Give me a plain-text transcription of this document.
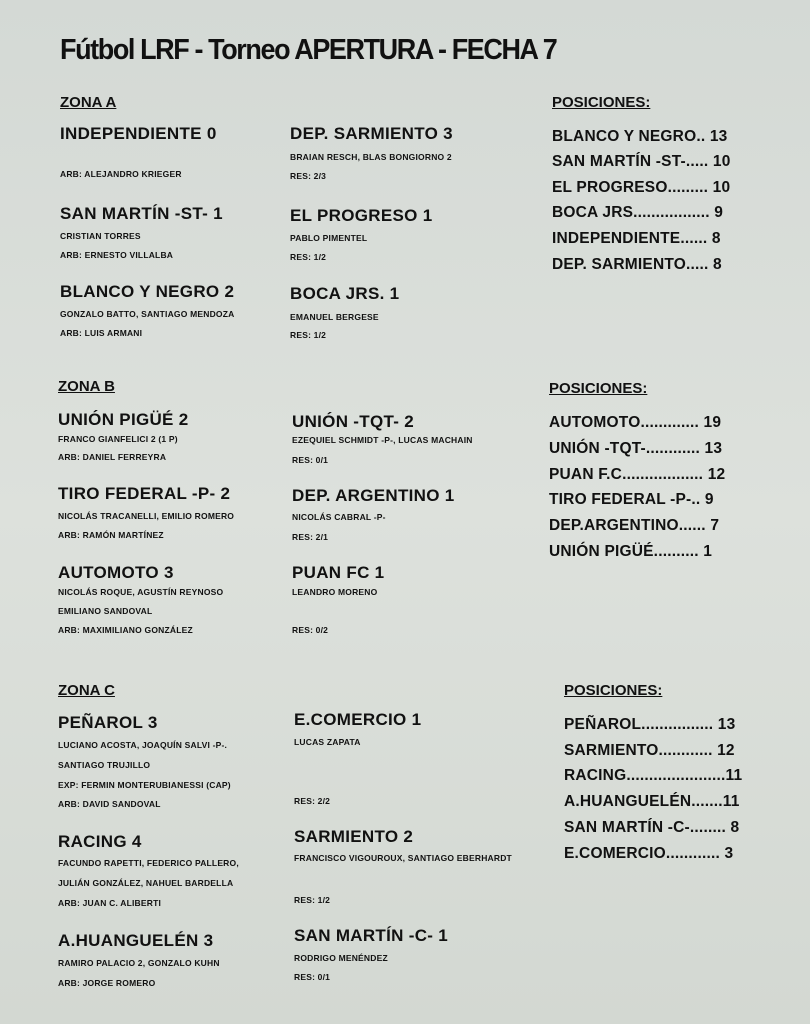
Fútbol LRF - Torneo APERTURA - FECHA 7
ZONA A
INDEPENDIENTE 0
ARB: ALEJANDRO KRIEGER
DEP. SARMIENTO 3
BRAIAN RESCH, BLAS BONGIORNO 2
RES: 2/3
SAN MARTÍN -ST- 1
CRISTIAN TORRES
ARB: ERNESTO VILLALBA
EL PROGRESO 1
PABLO PIMENTEL
RES: 1/2
BLANCO Y NEGRO 2
GONZALO BATTO, SANTIAGO MENDOZA
ARB: LUIS ARMANI
BOCA JRS. 1
EMANUEL BERGESE
RES: 1/2
POSICIONES:
BLANCO Y NEGRO.. 13
SAN MARTÍN -ST-..... 10
EL PROGRESO......... 10
BOCA JRS................. 9
INDEPENDIENTE...... 8
DEP. SARMIENTO..... 8
ZONA B
UNIÓN PIGÜÉ 2
FRANCO GIANFELICI 2 (1 P)
ARB: DANIEL FERREYRA
UNIÓN -TQT- 2
EZEQUIEL SCHMIDT -P-, LUCAS MACHAIN
RES: 0/1
TIRO FEDERAL -P- 2
NICOLÁS TRACANELLI, EMILIO ROMERO
ARB: RAMÓN MARTÍNEZ
DEP. ARGENTINO 1
NICOLÁS CABRAL -P-
RES: 2/1
AUTOMOTO 3
NICOLÁS ROQUE, AGUSTÍN REYNOSO
EMILIANO SANDOVAL
ARB: MAXIMILIANO GONZÁLEZ
PUAN FC 1
LEANDRO MORENO
RES: 0/2
POSICIONES:
AUTOMOTO............. 19
UNIÓN -TQT-............ 13
PUAN F.C.................. 12
TIRO FEDERAL -P-.. 9
DEP.ARGENTINO...... 7
UNIÓN PIGÜÉ.......... 1
ZONA C
PEÑAROL 3
LUCIANO ACOSTA, JOAQUÍN SALVI -P-.
SANTIAGO TRUJILLO
EXP: FERMIN MONTERUBIANESSI (CAP)
ARB: DAVID SANDOVAL
E.COMERCIO 1
LUCAS ZAPATA
RES: 2/2
RACING 4
FACUNDO RAPETTI, FEDERICO PALLERO,
JULIÁN GONZÁLEZ, NAHUEL BARDELLA
ARB: JUAN C. ALIBERTI
SARMIENTO 2
FRANCISCO VIGOUROUX, SANTIAGO EBERHARDT
RES: 1/2
A.HUANGUELÉN 3
RAMIRO PALACIO 2, GONZALO KUHN
ARB: JORGE ROMERO
SAN MARTÍN -C- 1
RODRIGO MENÉNDEZ
RES: 0/1
POSICIONES:
PEÑAROL................ 13
SARMIENTO............ 12
RACING......................11
A.HUANGUELÉN.......11
SAN MARTÍN -C-........ 8
E.COMERCIO............ 3
